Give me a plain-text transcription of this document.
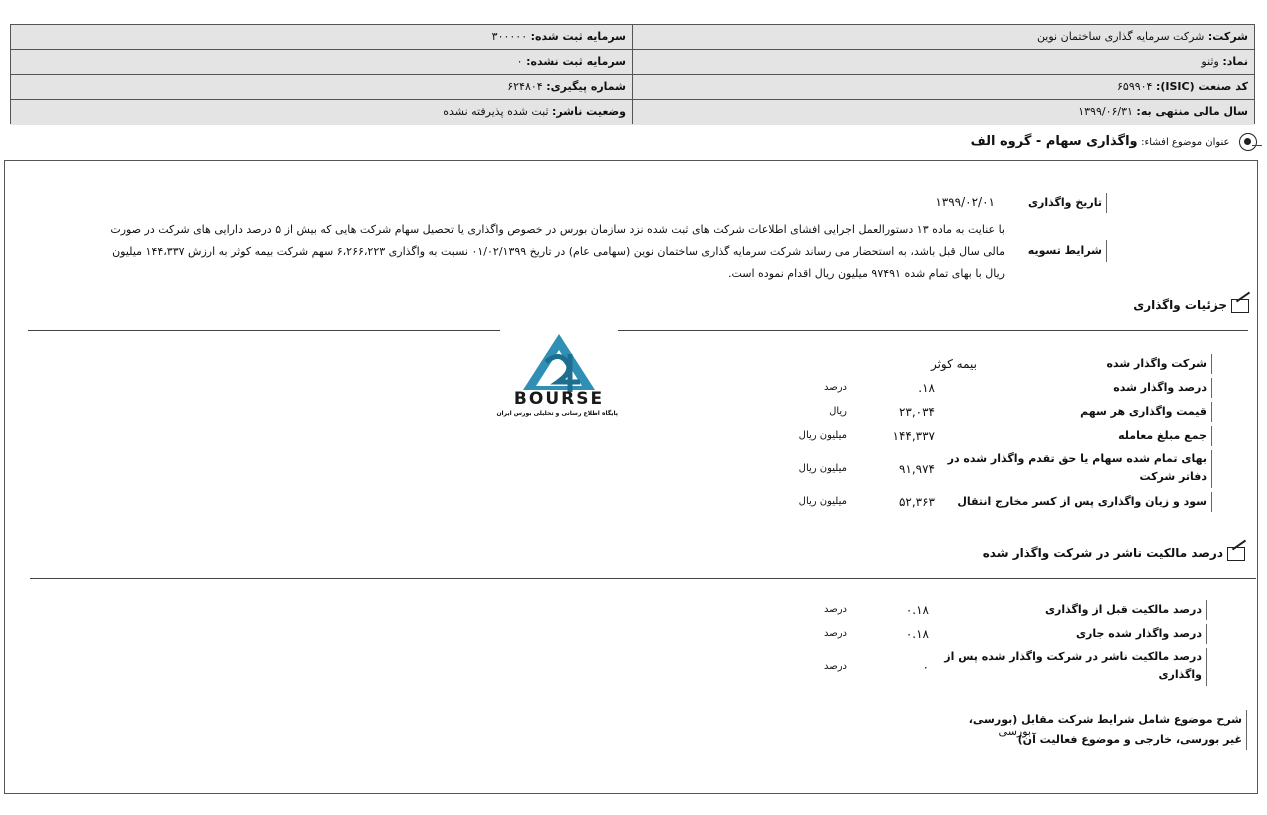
شرکت: شرکت سرمایه گذاری ساختمان نوین
سرمایه ثبت شده: ۳۰۰۰۰۰
نماد: وثنو
سرمایه ثبت نشده: ۰
کد صنعت (ISIC): ۶۵۹۹۰۴
شماره پیگیری: ۶۲۴۸۰۴
سال مالی منتهی به: ۱۳۹۹/۰۶/۳۱
وضعیت ناشر: ثبت شده پذیرفته نشده
عنوان موضوع افشاء: واگذاری سهام - گروه الف
تاریخ واگذاری
۱۳۹۹/۰۲/۰۱
شرایط تسویه
با عنایت به ماده ۱۳ دستورالعمل اجرایی افشای اطلاعات شرکت های ثبت شده نزد سازمان بورس در خصوص واگذاری یا تحصیل سهام شرکت هایی که بیش از ۵ درصد دارایی های شرکت در صورت
مالی سال قبل باشد، به استحضار می رساند شرکت سرمایه گذاری ساختمان نوین (سهامی عام) در تاریخ ۰۱/۰۲/۱۳۹۹ نسبت به واگذاری ۶،۲۶۶،۲۲۳ سهم شرکت بیمه کوثر به ارزش ۱۴۴،۳۳۷ میلیون
ریال با بهای تمام شده ۹۷۴۹۱ میلیون ریال اقدام نموده است.
جزئیات واگذاری
BOURSE
پایگاه اطلاع رسانی و تحلیلی بورس ایران
شرکت واگذار شده
بیمه کوثر
درصد واگذار شده
۱۸.
درصد
قیمت واگذاری هر سهم
۲۳,۰۳۴
ریال
جمع مبلغ معامله
۱۴۴,۳۳۷
میلیون ریال
بهای تمام شده سهام یا حق تقدم واگذار شده در
دفاتر شرکت
۹۱,۹۷۴
میلیون ریال
سود و زیان واگذاری پس از کسر مخارج انتقال
۵۲,۳۶۳
میلیون ریال
درصد مالکیت ناشر در شرکت واگذار شده
درصد مالکیت قبل از واگذاری
۰.۱۸
درصد
درصد واگذار شده جاری
۰.۱۸
درصد
درصد مالکیت ناشر در شرکت واگذار شده پس از
واگذاری
۰
درصد
شرح موضوع شامل شرایط شرکت مقابل (بورسی،
غیر بورسی، خارجی و موضوع فعالیت آن)
بورسی
